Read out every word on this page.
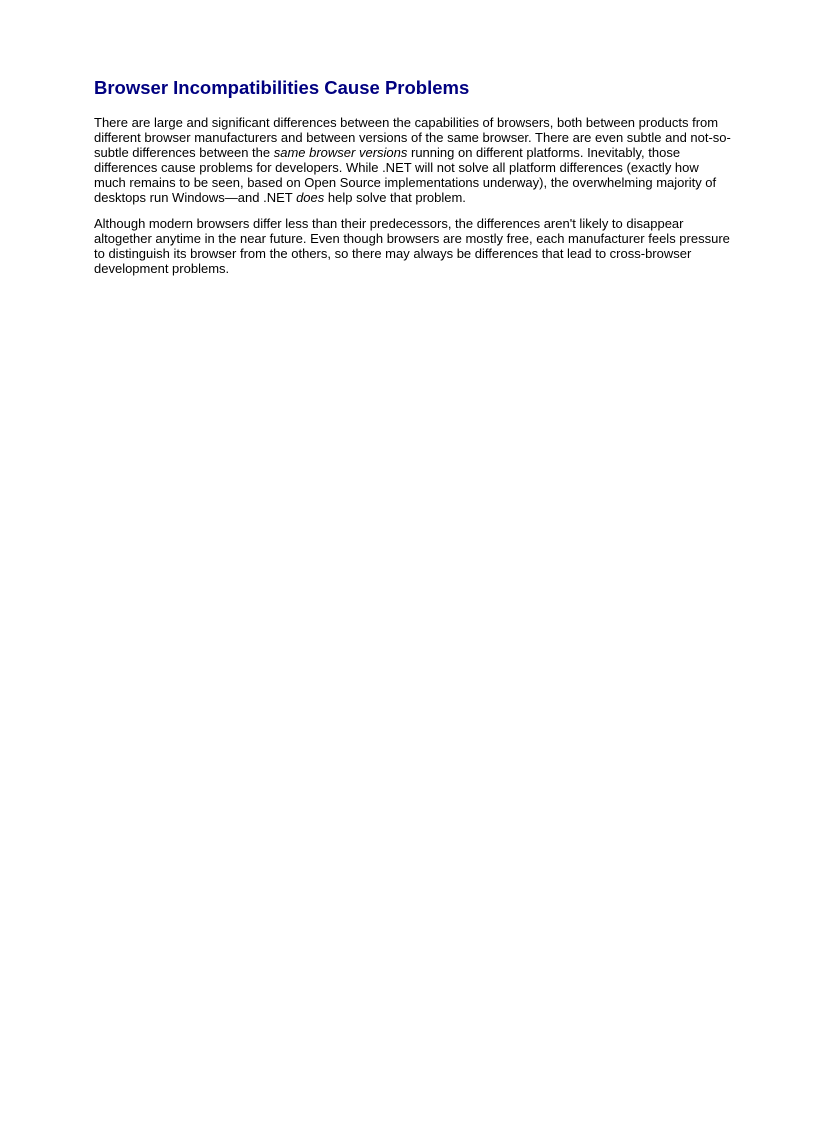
Browser Incompatibilities Cause Problems

There are large and significant differences between the capabilities of browsers, both between products from different browser manufacturers and between versions of the same browser. There are even subtle and not-so-subtle differences between the same browser versions running on different platforms. Inevitably, those differences cause problems for developers. While .NET will not solve all platform differences (exactly how much remains to be seen, based on Open Source implementations underway), the overwhelming majority of desktops run Windows—and .NET does help solve that problem.

Although modern browsers differ less than their predecessors, the differences aren't likely to disappear altogether anytime in the near future. Even though browsers are mostly free, each manufacturer feels pressure to distinguish its browser from the others, so there may always be differences that lead to cross-browser development problems.
